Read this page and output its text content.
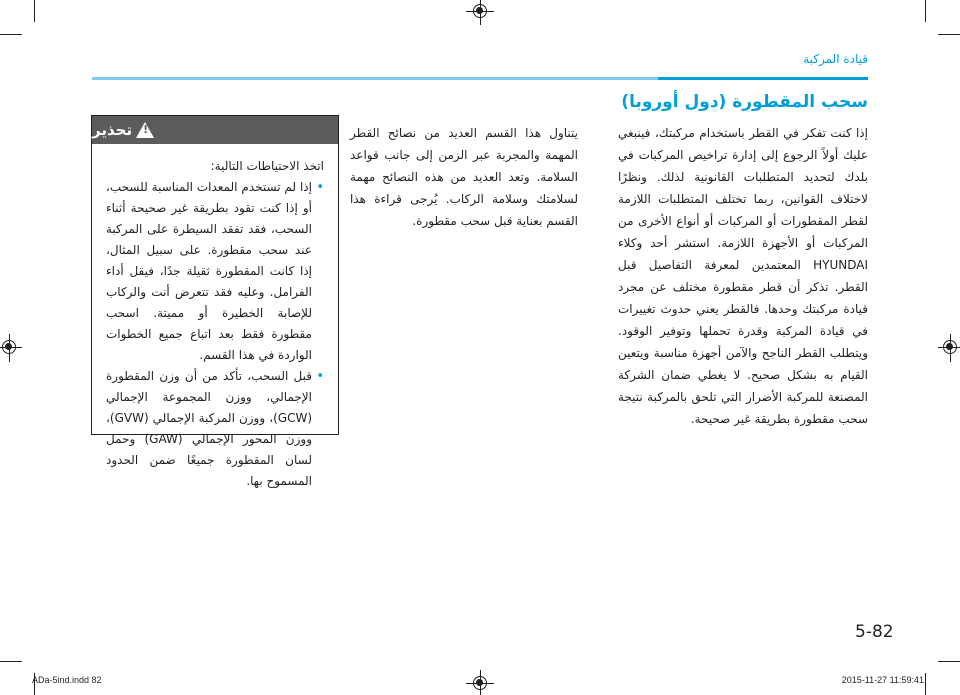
قيادة المركبة
سحب المقطورة (دول أوروبا)
إذا كنت تفكر في القطر باستخدام مركبتك، فينبغي عليك أولاً الرجوع إلى إدارة تراخيص المركبات في بلدك لتحديد المتطلبات القانونية لذلك. ونظرًا لاختلاف القوانين، ربما تختلف المتطلبات اللازمة لقطر المقطورات أو المركبات أو أنواع الأخرى من المركبات أو الأجهزة اللازمة. استشر أحد وكلاء HYUNDAI المعتمدين لمعرفة التفاصيل قبل القطر. تذكر أن قطر مقطورة مختلف عن مجرد قيادة مركبتك وحدها. فالقطر يعني حدوث تغييرات في قيادة المركبة وقدرة تحملها وتوفير الوقود. ويتطلب القطر الناجح والآمن أجهزة مناسبة ويتعين القيام به بشكل صحيح. لا يغطي ضمان الشركة المصنعة للمركبة الأضرار التي تلحق بالمركبة نتيجة سحب مقطورة بطريقة غير صحيحة.
يتناول هذا القسم العديد من نصائح القطر المهمة والمجربة عبر الزمن إلى جانب قواعد السلامة. وتعد العديد من هذه النصائح مهمة لسلامتك وسلامة الركاب. يُرجى قراءة هذا القسم بعناية قبل سحب مقطورة.
!
تحذير

اتخذ الاحتياطات التالية:

• إذا لم تستخدم المعدات المناسبة للسحب، أو إذا كنت تقود بطريقة غير صحيحة أثناء السحب، فقد تفقد السيطرة على المركبة عند سحب مقطورة. على سبيل المثال، إذا كانت المقطورة ثقيلة جدًا، فيقل أداء الفرامل. وعليه فقد تتعرض أنت والركاب للإصابة الخطيرة أو مميتة. اسحب مقطورة فقط بعد اتباع جميع الخطوات الواردة في هذا القسم.
• قبل السحب، تأكد من أن وزن المقطورة الإجمالي، ووزن المجموعة الإجمالي (GCW)، ووزن المركبة الإجمالي (GVW)، ووزن المحور الإجمالي (GAW) وحمل لسان المقطورة جميعًا ضمن الحدود المسموح بها.
5-82
ADa-5ind.indd 82	2015-11-27 11:59:41
